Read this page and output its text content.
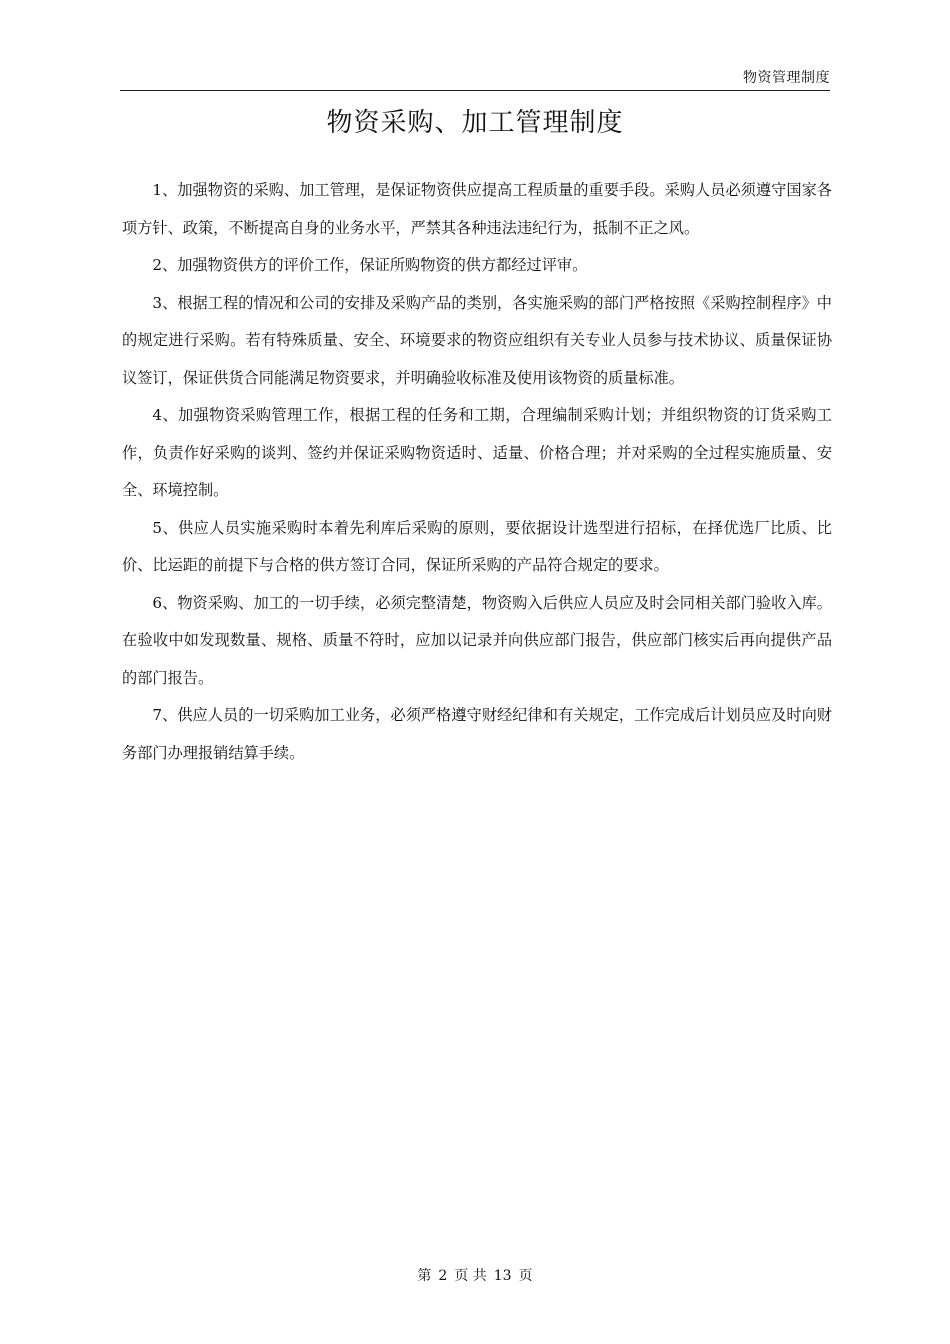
物资管理制度
物资采购、加工管理制度

1、加强物资的采购、加工管理，是保证物资供应提高工程质量的重要手段。采购人员必须遵守国家各项方针、政策，不断提高自身的业务水平，严禁其各种违法违纪行为，抵制不正之风。

2、加强物资供方的评价工作，保证所购物资的供方都经过评审。

3、根据工程的情况和公司的安排及采购产品的类别，各实施采购的部门严格按照《采购控制程序》中的规定进行采购。若有特殊质量、安全、环境要求的物资应组织有关专业人员参与技术协议、质量保证协议签订，保证供货合同能满足物资要求，并明确验收标准及使用该物资的质量标准。

4、加强物资采购管理工作，根据工程的任务和工期，合理编制采购计划；并组织物资的订货采购工作，负责作好采购的谈判、签约并保证采购物资适时、适量、价格合理；并对采购的全过程实施质量、安全、环境控制。

5、供应人员实施采购时本着先利库后采购的原则，要依据设计选型进行招标，在择优选厂比质、比价、比运距的前提下与合格的供方签订合同，保证所采购的产品符合规定的要求。

6、物资采购、加工的一切手续，必须完整清楚，物资购入后供应人员应及时会同相关部门验收入库。在验收中如发现数量、规格、质量不符时，应加以记录并向供应部门报告，供应部门核实后再向提供产品的部门报告。

7、供应人员的一切采购加工业务，必须严格遵守财经纪律和有关规定，工作完成后计划员应及时向财务部门办理报销结算手续。

第 2 页 共 13 页
